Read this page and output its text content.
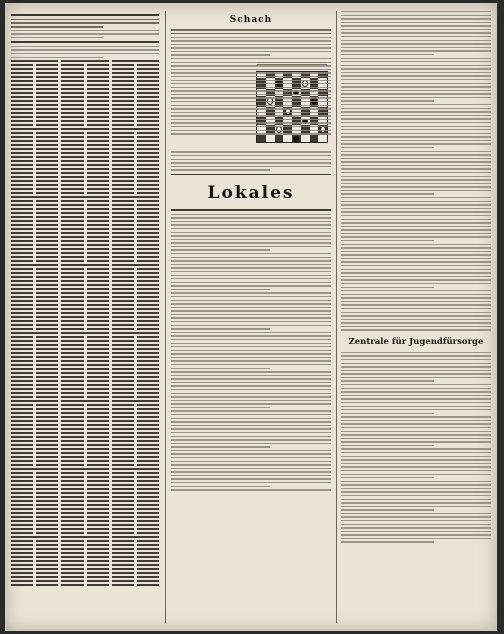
Schach
Lokales
Zentrale für Jugendfürsorge
